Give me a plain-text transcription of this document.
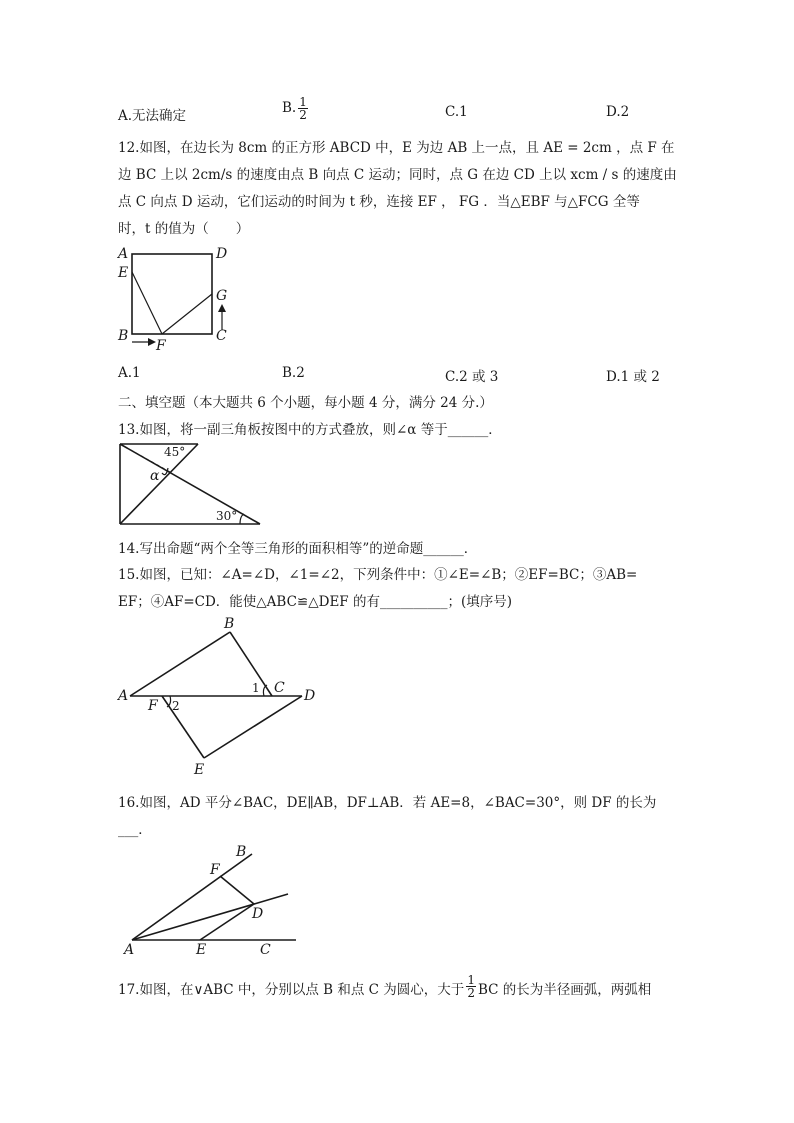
A.无法确定	B. $\frac{1}{2}$	C.1	D.2
12.如图，在边长为 8cm 的正方形 ABCD 中，E 为边 AB 上一点，且 AE = 2cm ，点 F 在
边 BC 上以 2cm/s 的速度由点 B 向点 C 运动；同时，点 G 在边 CD 上以 xcm / s 的速度由
点 C 向点 D 运动，它们运动的时间为 t 秒，连接 EF ， FG ．当△EBF 与△FCG 全等
时，t 的值为（　　）
A	D
E
G
B	C
F
A.1	B.2	C.2 或 3	D.1 或 2
二、填空题（本大题共 6 个小题，每小题 4 分，满分 24 分.）
13.如图，将一副三角板按图中的方式叠放，则∠α 等于______．
45°
α
30°
14.写出命题“两个全等三角形的面积相等”的逆命题______．
15.如图，已知：∠A=∠D，∠1=∠2，下列条件中：①∠E=∠B；②EF=BC；③AB=
EF；④AF=CD．能使△ABC≌△DEF 的有__________；(填序号)
B
A	1 C D
F 2
E
16.如图，AD 平分∠BAC，DE∥AB，DF⊥AB．若 AE=8，∠BAC=30°，则 DF 的长为
___．
B
F
D
A	E	C
17.如图，在∨ABC 中，分别以点 B 和点 C 为圆心，大于 $\frac{1}{2}$ BC 的长为半径画弧，两弧相
